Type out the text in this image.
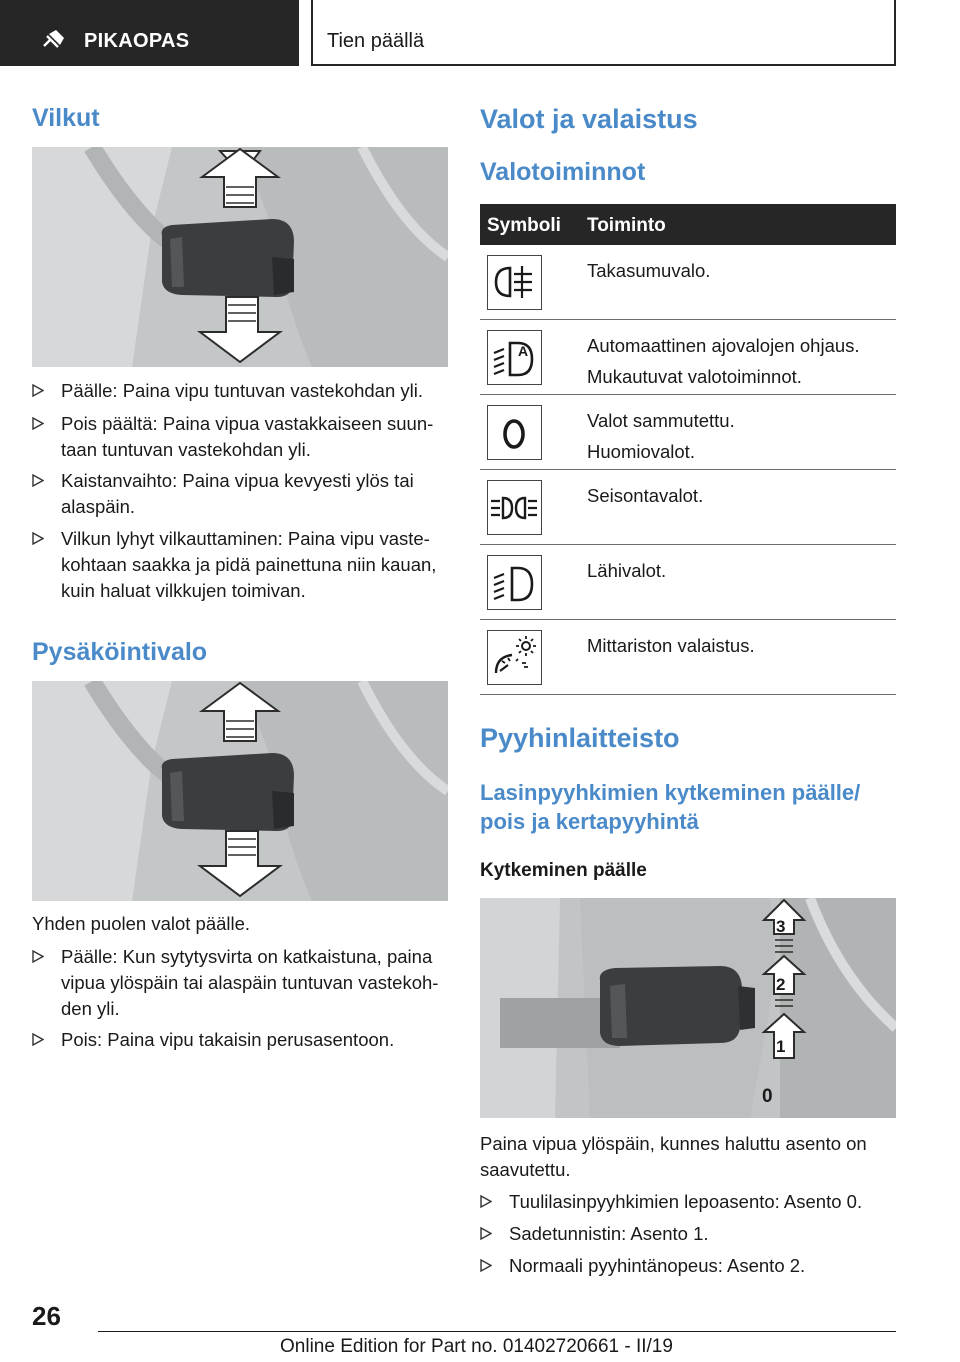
PIKAOPAS	Tien päällä
Vilkut
Päälle: Paina vipu tuntuvan vastekohdan yli.
Pois päältä: Paina vipua vastakkaiseen suun-
taan tuntuvan vastekohdan yli.
Kaistanvaihto: Paina vipua kevyesti ylös tai
alaspäin.
Vilkun lyhyt vilkauttaminen: Paina vipu vaste-
kohtaan saakka ja pidä painettuna niin kauan,
kuin haluat vilkkujen toimivan.
Pysäköintivalo
Yhden puolen valot päälle.
Päälle: Kun sytytysvirta on katkaistuna, paina
vipua ylöspäin tai alaspäin tuntuvan vastekoh-
den yli.
Pois: Paina vipu takaisin perusasentoon.
Valot ja valaistus
Valotoiminnot
Symboli Toiminto
Takasumuvalo.
A	Automaattinen ajovalojen ohjaus.
Mukautuvat valotoiminnot.
Valot sammutettu.
Huomiovalot.
Seisontavalot.
Lähivalot.
Mittariston valaistus.
Pyyhinlaitteisto
Lasinpyyhkimien kytkeminen päälle/
pois ja kertapyyhintä
Kytkeminen päälle
3
2
1
0
Paina vipua ylöspäin, kunnes haluttu asento on
saavutettu.
Tuulilasinpyyhkimien lepoasento: Asento 0.
Sadetunnistin: Asento 1.
Normaali pyyhintänopeus: Asento 2.
26
Online Edition for Part no. 01402720661 - II/19
